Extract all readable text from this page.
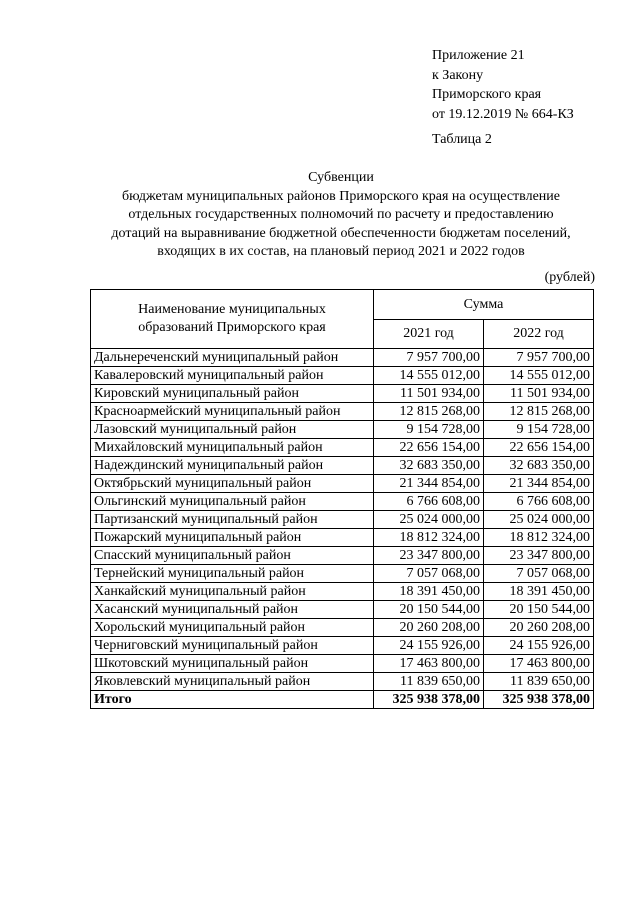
Приложение 21
к Закону
Приморского края
от 19.12.2019 № 664-КЗ
Таблица 2
Субвенции
бюджетам муниципальных районов Приморского края на осуществление
отдельных государственных полномочий по расчету и предоставлению
дотаций на выравнивание бюджетной обеспеченности бюджетам поселений,
входящих в их состав, на плановый период 2021 и 2022 годов
(рублей)
Наименование муниципальных
образований Приморского края	Сумма	
	2021 год	2022 год
Дальнереченский муниципальный район	7 957 700,00	7 957 700,00
Кавалеровский муниципальный район	14 555 012,00	14 555 012,00
Кировский муниципальный район	11 501 934,00	11 501 934,00
Красноармейский муниципальный район	12 815 268,00	12 815 268,00
Лазовский муниципальный район	9 154 728,00	9 154 728,00
Михайловский муниципальный район	22 656 154,00	22 656 154,00
Надеждинский муниципальный район	32 683 350,00	32 683 350,00
Октябрьский муниципальный район	21 344 854,00	21 344 854,00
Ольгинский муниципальный район	6 766 608,00	6 766 608,00
Партизанский муниципальный район	25 024 000,00	25 024 000,00
Пожарский муниципальный район	18 812 324,00	18 812 324,00
Спасский муниципальный район	23 347 800,00	23 347 800,00
Тернейский муниципальный район	7 057 068,00	7 057 068,00
Ханкайский муниципальный район	18 391 450,00	18 391 450,00
Хасанский муниципальный район	20 150 544,00	20 150 544,00
Хорольский муниципальный район	20 260 208,00	20 260 208,00
Черниговский муниципальный район	24 155 926,00	24 155 926,00
Шкотовский муниципальный район	17 463 800,00	17 463 800,00
Яковлевский муниципальный район	11 839 650,00	11 839 650,00
Итого	325 938 378,00	325 938 378,00
